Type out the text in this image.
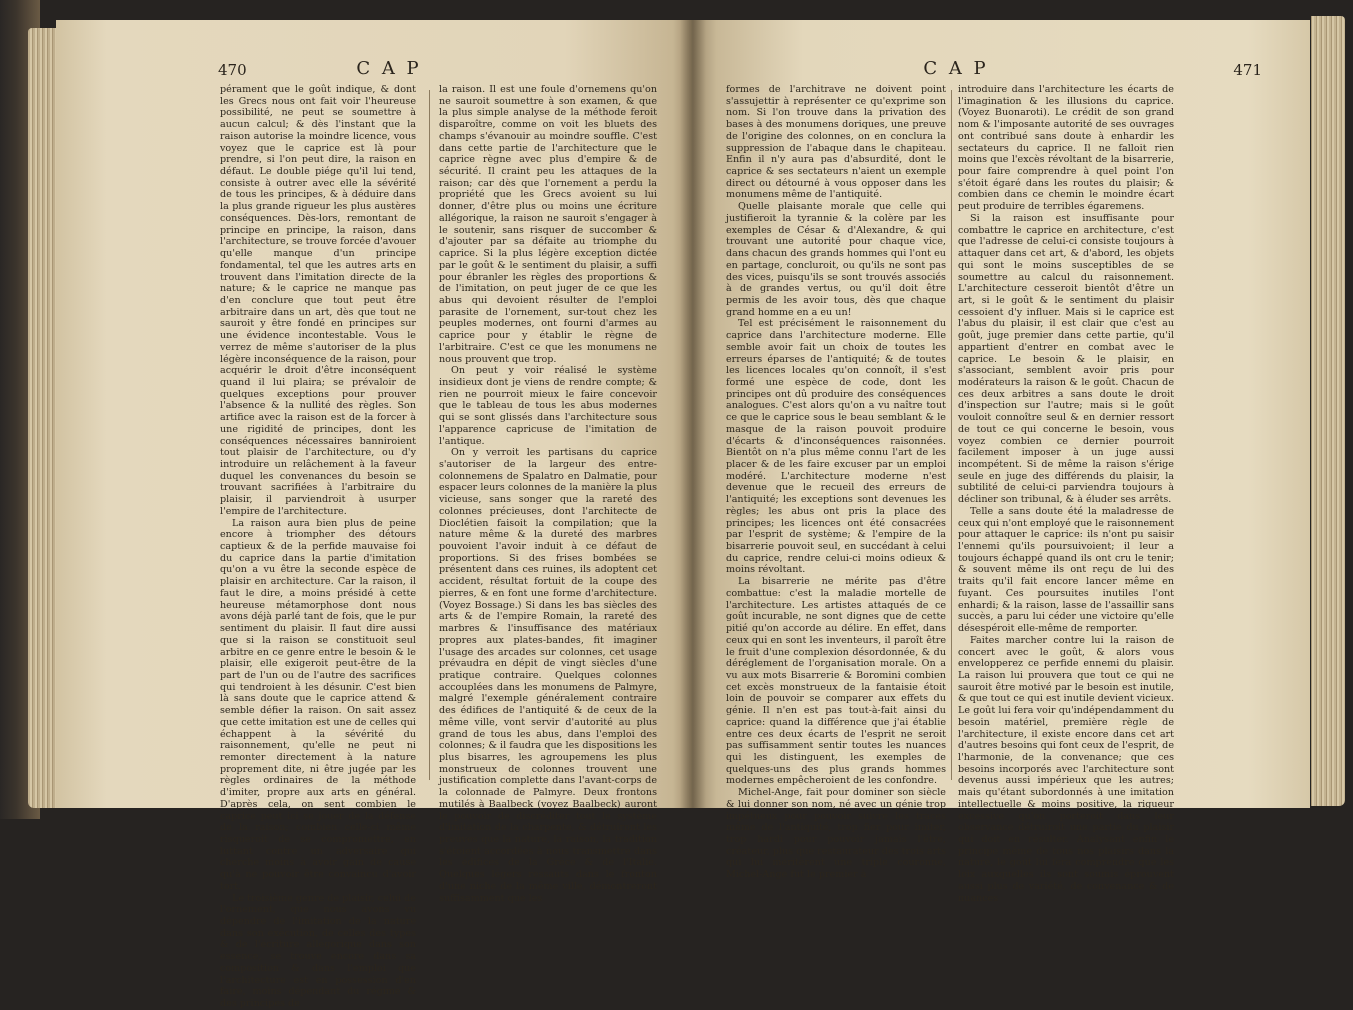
470	C A P

pérament que le goût indique, & dont les Grecs nous ont fait voir l'heureuse possibilité, ne peut se soumettre à aucun calcul; & dès l'instant que la raison autorise la moindre licence, vous voyez que le caprice est là pour prendre, si l'on peut dire, la raison en défaut. Le double piége qu'il lui tend, consiste à outrer avec elle la sévérité de tous les principes, & à déduire dans la plus grande rigueur les plus austères conséquences. Dès-lors, remontant de principe en principe, la raison, dans l'architecture, se trouve forcée d'avouer qu'elle manque d'un principe fondamental, tel que les autres arts en trouvent dans l'imitation directe de la nature; & le caprice ne manque pas d'en conclure que tout peut être arbitraire dans un art, dès que tout ne sauroit y être fondé en principes sur une évidence incontestable. Vous le verrez de même s'autoriser de la plus légère inconséquence de la raison, pour acquérir le droit d'être inconséquent quand il lui plaira; se prévaloir de quelques exceptions pour prouver l'absence & la nullité des règles. Son artifice avec la raison est de la forcer à une rigidité de principes, dont les conséquences nécessaires banniroient tout plaisir de l'architecture, ou d'y introduire un relâchement à la faveur duquel les convenances du besoin se trouvant sacrifiées à l'arbitraire du plaisir, il parviendroit à usurper l'empire de l'architecture.

La raison aura bien plus de peine encore à triompher des détours captieux & de la perfide mauvaise foi du caprice dans la partie d'imitation qu'on a vu être la seconde espèce de plaisir en architecture. Car la raison, il faut le dire, a moins présidé à cette heureuse métamorphose dont nous avons déjà parlé tant de fois, que le pur sentiment du plaisir. Il faut dire aussi que si la raison se constituoit seul arbitre en ce genre entre le besoin & le plaisir, elle exigeroit peut-être de la part de l'un ou de l'autre des sacrifices qui tendroient à les désunir. C'est bien là sans doute que le caprice attend & semble défier la raison. On sait assez que cette imitation est une de celles qui échappent à la sévérité du raisonnement, qu'elle ne peut ni remonter directement à la nature proprement dite, ni être jugée par les règles ordinaires de la méthode d'imiter, propre aux arts en général. D'après cela, on sent combien le caprice peut ici se jouer de la défense de la raison; combien celle-ci même risqueroit de se compromettre, en luttant contre un adversaire qui cherche moins à avoir gain de cause qu'à ne pouvoir être convaincu d'avoir tort.

Le troisième genre de plaisir, celui de l'ornement, que nous avons vu dépendre de l'imitation de la nature dans son exécution, de celles des types & de l'écriture allégorique dans son essence, se trouve encore dans sa composition & dans l'emploi que l'architecture est en possession d'en faire, moins dépendant du régime & des principes de

la raison. Il est une foule d'ornemens qu'on ne sauroit soumettre à son examen, & que la plus simple analyse de la méthode feroit disparoître, comme on voit les bluets des champs s'évanouir au moindre souffle. C'est dans cette partie de l'architecture que le caprice règne avec plus d'empire & de sécurité. Il craint peu les attaques de la raison; car dès que l'ornement a perdu la propriété que les Grecs avoient su lui donner, d'être plus ou moins une écriture allégorique, la raison ne sauroit s'engager à le soutenir, sans risquer de succomber & d'ajouter par sa défaite au triomphe du caprice. Si la plus légère exception dictée par le goût & le sentiment du plaisir, a suffi pour ébranler les règles des proportions & de l'imitation, on peut juger de ce que les abus qui devoient résulter de l'emploi parasite de l'ornement, sur-tout chez les peuples modernes, ont fourni d'armes au caprice pour y établir le règne de l'arbitraire. C'est ce que les monumens ne nous prouvent que trop.

On peut y voir réalisé le système insidieux dont je viens de rendre compte; & rien ne pourroit mieux le faire concevoir que le tableau de tous les abus modernes qui se sont glissés dans l'architecture sous l'apparence capricuse de l'imitation de l'antique.

On y verroit les partisans du caprice s'autoriser de la largeur des entre-colonnemens de Spalatro en Dalmatie, pour espacer leurs colonnes de la manière la plus vicieuse, sans songer que la rareté des colonnes précieuses, dont l'architecte de Dioclétien faisoit la compilation; que la nature même & la dureté des marbres pouvoient l'avoir induit à ce défaut de proportions. Si des frises bombées se présentent dans ces ruines, ils adoptent cet accident, résultat fortuit de la coupe des pierres, & en font une forme d'architecture. (Voyez Bossage.) Si dans les bas siècles des arts & de l'empire Romain, la rareté des marbres & l'insuffisance des matériaux propres aux plates-bandes, fit imaginer l'usage des arcades sur colonnes, cet usage prévaudra en dépit de vingt siècles d'une pratique contraire. Quelques colonnes accouplées dans les monumens de Palmyre, malgré l'exemple généralement contraire des édifices de l'antiquité & de ceux de la même ville, vont servir d'autorité au plus grand de tous les abus, dans l'emploi des colonnes; & il faudra que les dispositions les plus bisarres, les agroupemens les plus monstrueux de colonnes trouvent une justification complette dans l'avant-corps de la colonnade de Palmyre. Deux frontons mutilés à Baalbeck (voyez Baalbeck) auront le pouvoir de discréditer tout le système d'imitation de la charpente, & détruiront les preuves que la nature, la raison, la tradition s'étoient accordées à nous transmettre dans les édifices de la Grèce & de l'Italie. Quelques légers ressauts dans le fronton d'une niche de la même ville, démontreront suffisamment que les

C A P	471

formes de l'architrave ne doivent point s'assujettir à représenter ce qu'exprime son nom. Si l'on trouve dans la privation des bases à des monumens doriques, une preuve de l'origine des colonnes, on en conclura la suppression de l'abaque dans le chapiteau. Enfin il n'y aura pas d'absurdité, dont le caprice & ses sectateurs n'aient un exemple direct ou détourné à vous opposer dans les monumens même de l'antiquité.

Quelle plaisante morale que celle qui justifieroit la tyrannie & la colère par les exemples de César & d'Alexandre, & qui trouvant une autorité pour chaque vice, dans chacun des grands hommes qui l'ont eu en partage, concluroit, ou qu'ils ne sont pas des vices, puisqu'ils se sont trouvés associés à de grandes vertus, ou qu'il doit être permis de les avoir tous, dès que chaque grand homme en a eu un!

Tel est précisément le raisonnement du caprice dans l'architecture moderne. Elle semble avoir fait un choix de toutes les erreurs éparses de l'antiquité; & de toutes les licences locales qu'on connoît, il s'est formé une espèce de code, dont les principes ont dû produire des conséquences analogues. C'est alors qu'on a vu naître tout ce que le caprice sous le beau semblant & le masque de la raison pouvoit produire d'écarts & d'inconséquences raisonnées. Bientôt on n'a plus même connu l'art de les placer & de les faire excuser par un emploi modéré. L'architecture moderne n'est devenue que le recueil des erreurs de l'antiquité; les exceptions sont devenues les règles; les abus ont pris la place des principes; les licences ont été consacrées par l'esprit de système; & l'empire de la bisarrerie pouvoit seul, en succédant à celui du caprice, rendre celui-ci moins odieux & moins révoltant.

La bisarrerie ne mérite pas d'être combattue: c'est la maladie mortelle de l'architecture. Les artistes attaqués de ce goût incurable, ne sont dignes que de cette pitié qu'on accorde au délire. En effet, dans ceux qui en sont les inventeurs, il paroît être le fruit d'une complexion désordonnée, & du déréglement de l'organisation morale. On a vu aux mots Bisarrerie & Boromini combien cet excès monstrueux de la fantaisie étoit loin de pouvoir se comparer aux effets du génie. Il n'en est pas tout-à-fait ainsi du caprice: quand la différence que j'ai établie entre ces deux écarts de l'esprit ne seroit pas suffisamment sentir toutes les nuances qui les distinguent, les exemples de quelques-uns des plus grands hommes modernes empêcheroient de les confondre.

Michel-Ange, fait pour dominer son siècle & lui donner son nom, né avec un génie trop impétueux pour pouvoir suivre les traces même de l'antiquité, trop fier pour imiter, trop hardi pour pouvoir jamais l'être, créateur, plus que restaurateur des trois arts qui lui méritèrent une triple couronne, Michel-Ange fut le premier à

introduire dans l'architecture les écarts de l'imagination & les illusions du caprice. (Voyez Buonaroti). Le crédit de son grand nom & l'imposante autorité de ses ouvrages ont contribué sans doute à enhardir les sectateurs du caprice. Il ne falloit rien moins que l'excès révoltant de la bisarrerie, pour faire comprendre à quel point l'on s'étoit égaré dans les routes du plaisir; & combien dans ce chemin le moindre écart peut produire de terribles égaremens.

Si la raison est insuffisante pour combattre le caprice en architecture, c'est que l'adresse de celui-ci consiste toujours à attaquer dans cet art, & d'abord, les objets qui sont le moins susceptibles de se soumettre au calcul du raisonnement. L'architecture cesseroit bientôt d'être un art, si le goût & le sentiment du plaisir cessoient d'y influer. Mais si le caprice est l'abus du plaisir, il est clair que c'est au goût, juge premier dans cette partie, qu'il appartient d'entrer en combat avec le caprice. Le besoin & le plaisir, en s'associant, semblent avoir pris pour modérateurs la raison & le goût. Chacun de ces deux arbitres a sans doute le droit d'inspection sur l'autre; mais si le goût vouloit connoître seul & en dernier ressort de tout ce qui concerne le besoin, vous voyez combien ce dernier pourroit facilement imposer à un juge aussi incompétent. Si de même la raison s'érige seule en juge des différends du plaisir, la subtilité de celui-ci parviendra toujours à décliner son tribunal, & à éluder ses arrêts.

Telle a sans doute été la maladresse de ceux qui n'ont employé que le raisonnement pour attaquer le caprice: ils n'ont pu saisir l'ennemi qu'ils poursuivoient; il leur a toujours échappé quand ils ont cru le tenir; & souvent même ils ont reçu de lui des traits qu'il fait encore lancer même en fuyant. Ces poursuites inutiles l'ont enhardi; & la raison, lasse de l'assaillir sans succès, a paru lui céder une victoire qu'elle désespéroit elle-même de remporter.

Faites marcher contre lui la raison de concert avec le goût, & alors vous envelopperez ce perfide ennemi du plaisir. La raison lui prouvera que tout ce qui ne sauroit être motivé par le besoin est inutile, & que tout ce qui est inutile devient vicieux. Le goût lui fera voir qu'indépendamment du besoin matériel, première règle de l'architecture, il existe encore dans cet art d'autres besoins qui font ceux de l'esprit, de l'harmonie, de la convenance; que ces besoins incorporés avec l'architecture sont devenus aussi impérieux que les autres; mais qu'étant subordonnés à une imitation intellectuelle & moins positive, la rigueur excessive qu'on porteroit dans leur observance détruiroit une partie du plaisir qui doit en résulter. Analysant enfin le principe même de tous nos plaisirs dans la nature, le goût lui fera comprendre que les loix auxquelles ils sont soumis éprouvent aussi plus de variété, de convenance & de nuances
